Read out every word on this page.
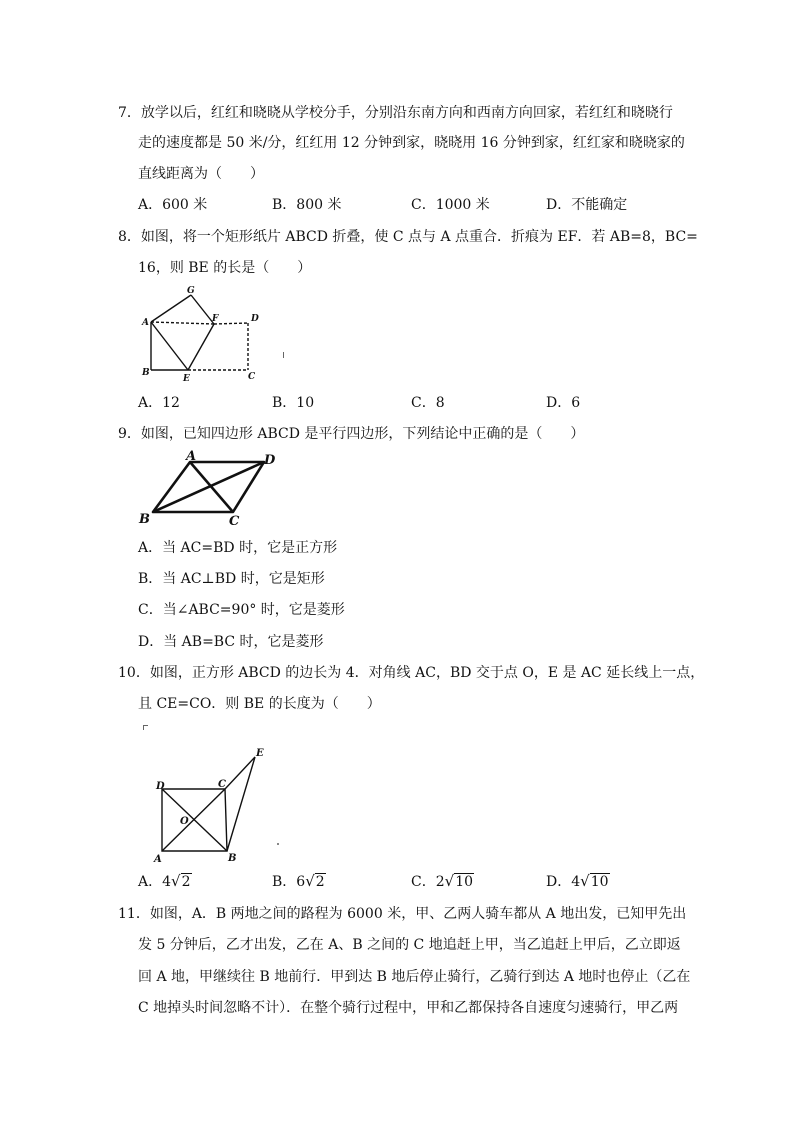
7．放学以后，红红和晓晓从学校分手，分别沿东南方向和西南方向回家，若红红和晓晓行
走的速度都是 50 米/分，红红用 12 分钟到家，晓晓用 16 分钟到家，红红家和晓晓家的
直线距离为（　　）
A．600 米	B．800 米	C．1000 米	D．不能确定
8．如图，将一个矩形纸片 ABCD 折叠，使 C 点与 A 点重合．折痕为 EF．若 AB=8，BC=
16，则 BE 的长是（　　）
G
A	F	D
B
E	C
A．12	B．10	C．8	D．6
9．如图，已知四边形 ABCD 是平行四边形，下列结论中正确的是（　　）
A	D
B	C
A．当 AC=BD 时，它是正方形
B．当 AC⊥BD 时，它是矩形
C．当∠ABC=90° 时，它是菱形
D．当 AB=BC 时，它是菱形
10．如图，正方形 ABCD 的边长为 4．对角线 AC，BD 交于点 O，E 是 AC 延长线上一点，
且 CE=CO．则 BE 的长度为（　　）
E
D	C
O
A	B
A．4√2	B．6√2	C．2√10	D．4√10
11．如图，A．B 两地之间的路程为 6000 米，甲、乙两人骑车都从 A 地出发，已知甲先出
发 5 分钟后，乙才出发，乙在 A、B 之间的 C 地追赶上甲，当乙追赶上甲后，乙立即返
回 A 地，甲继续往 B 地前行．甲到达 B 地后停止骑行，乙骑行到达 A 地时也停止（乙在
C 地掉头时间忽略不计）．在整个骑行过程中，甲和乙都保持各自速度匀速骑行，甲乙两
